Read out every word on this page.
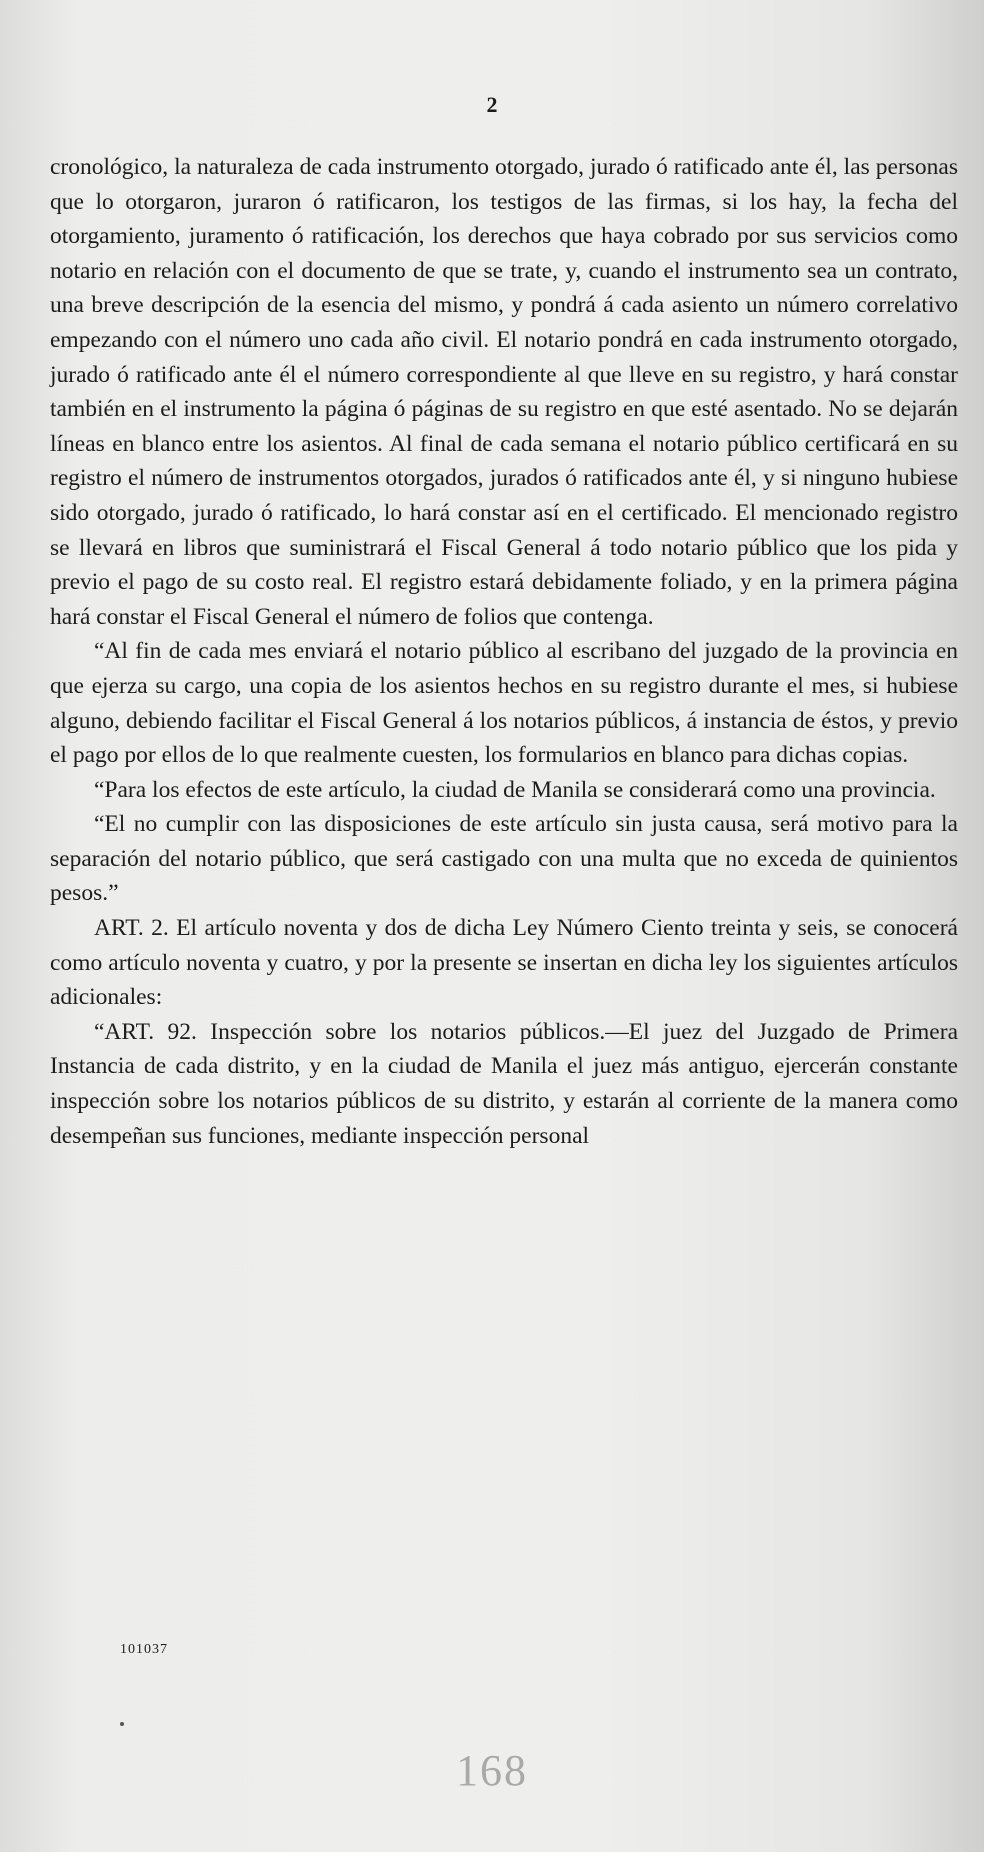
2

cronológico, la naturaleza de cada instrumento otorgado, jurado ó ratificado ante él, las personas que lo otorgaron, juraron ó ratificaron, los testigos de las firmas, si los hay, la fecha del otorgamiento, juramento ó ratificación, los derechos que haya cobrado por sus servicios como notario en relación con el documento de que se trate, y, cuando el instrumento sea un contrato, una breve descripción de la esencia del mismo, y pondrá á cada asiento un número correlativo empezando con el número uno cada año civil. El notario pondrá en cada instrumento otorgado, jurado ó ratificado ante él el número correspondiente al que lleve en su registro, y hará constar también en el instrumento la página ó páginas de su registro en que esté asentado. No se dejarán líneas en blanco entre los asientos. Al final de cada semana el notario público certificará en su registro el número de instrumentos otorgados, jurados ó ratificados ante él, y si ninguno hubiese sido otorgado, jurado ó ratificado, lo hará constar así en el certificado. El mencionado registro se llevará en libros que suministrará el Fiscal General á todo notario público que los pida y previo el pago de su costo real. El registro estará debidamente foliado, y en la primera página hará constar el Fiscal General el número de folios que contenga.

“Al fin de cada mes enviará el notario público al escribano del juzgado de la provincia en que ejerza su cargo, una copia de los asientos hechos en su registro durante el mes, si hubiese alguno, debiendo facilitar el Fiscal General á los notarios públicos, á instancia de éstos, y previo el pago por ellos de lo que realmente cuesten, los formularios en blanco para dichas copias.

“Para los efectos de este artículo, la ciudad de Manila se considerará como una provincia.

“El no cumplir con las disposiciones de este artículo sin justa causa, será motivo para la separación del notario público, que será castigado con una multa que no exceda de quinientos pesos.”

ART. 2. El artículo noventa y dos de dicha Ley Número Ciento treinta y seis, se conocerá como artículo noventa y cuatro, y por la presente se insertan en dicha ley los siguientes artículos adicionales:

“ART. 92. Inspección sobre los notarios públicos.—El juez del Juzgado de Primera Instancia de cada distrito, y en la ciudad de Manila el juez más antiguo, ejercerán constante inspección sobre los notarios públicos de su distrito, y estarán al corriente de la manera como desempeñan sus funciones, mediante inspección personal

101037
168
